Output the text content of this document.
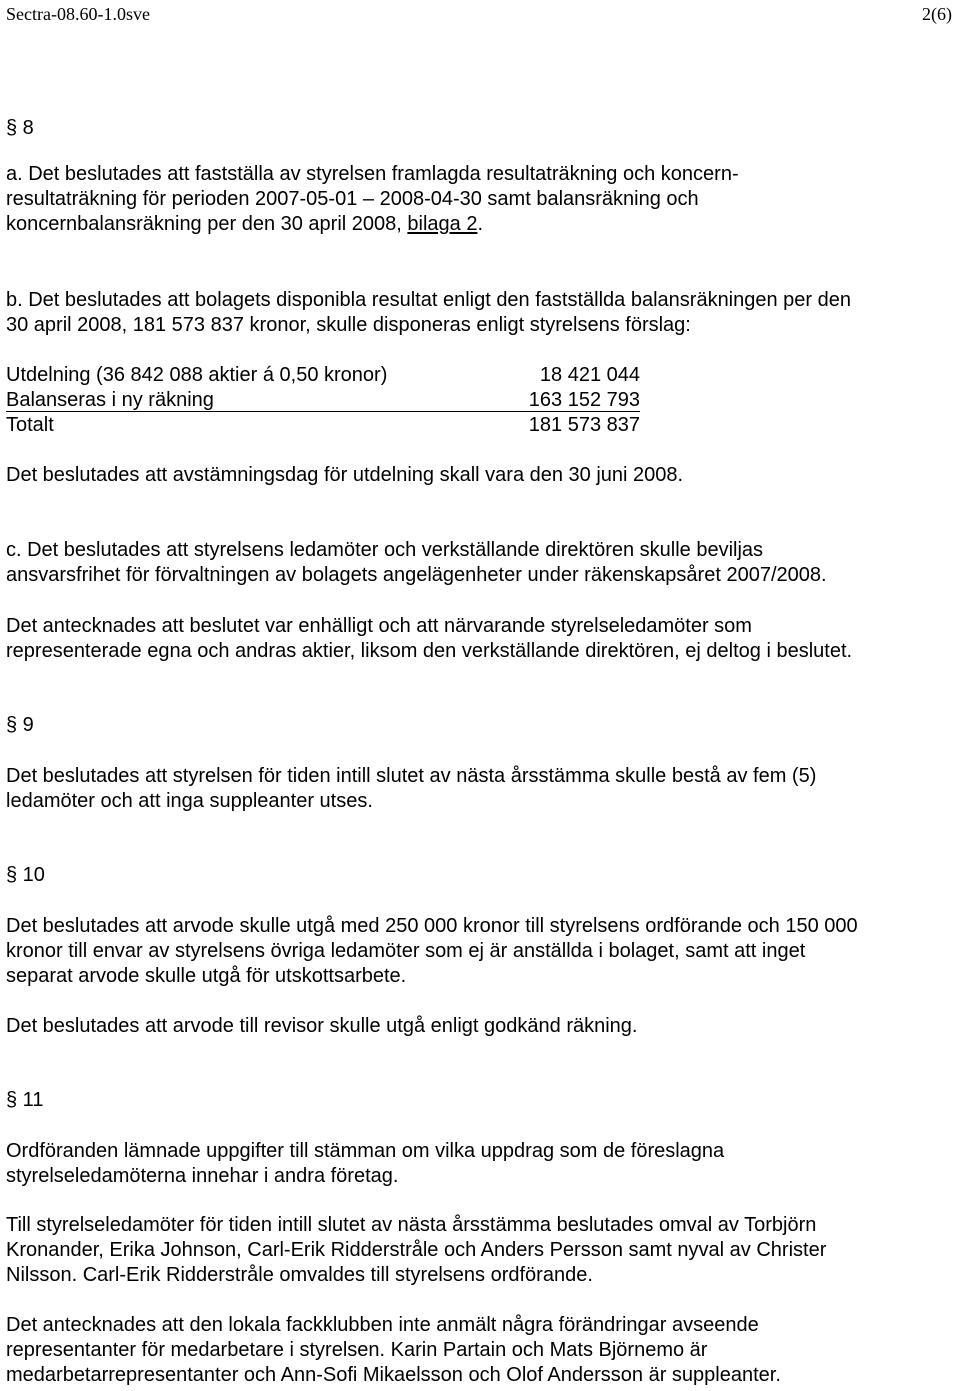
Sectra-08.60-1.0sve	2(6)
§ 8
a. Det beslutades att fastställa av styrelsen framlagda resultaträkning och koncern-
resultaträkning för perioden 2007-05-01 – 2008-04-30 samt balansräkning och
koncernbalansräkning per den 30 april 2008, bilaga 2.
b. Det beslutades att bolagets disponibla resultat enligt den fastställda balansräkningen per den
30 april 2008, 181 573 837 kronor, skulle disponeras enligt styrelsens förslag:
Utdelning (36 842 088 aktier á 0,50 kronor)	18 421 044
Balanseras i ny räkning	163 152 793
Totalt	181 573 837
Det beslutades att avstämningsdag för utdelning skall vara den 30 juni 2008.
c. Det beslutades att styrelsens ledamöter och verkställande direktören skulle beviljas
ansvarsfrihet för förvaltningen av bolagets angelägenheter under räkenskapsåret 2007/2008.
Det antecknades att beslutet var enhälligt och att närvarande styrelseledamöter som
representerade egna och andras aktier, liksom den verkställande direktören, ej deltog i beslutet.
§ 9
Det beslutades att styrelsen för tiden intill slutet av nästa årsstämma skulle bestå av fem (5)
ledamöter och att inga suppleanter utses.
§ 10
Det beslutades att arvode skulle utgå med 250 000 kronor till styrelsens ordförande och 150 000
kronor till envar av styrelsens övriga ledamöter som ej är anställda i bolaget, samt att inget
separat arvode skulle utgå för utskottsarbete.
Det beslutades att arvode till revisor skulle utgå enligt godkänd räkning.
§ 11
Ordföranden lämnade uppgifter till stämman om vilka uppdrag som de föreslagna
styrelseledamöterna innehar i andra företag.
Till styrelseledamöter för tiden intill slutet av nästa årsstämma beslutades omval av Torbjörn
Kronander, Erika Johnson, Carl-Erik Ridderstråle och Anders Persson samt nyval av Christer
Nilsson. Carl-Erik Ridderstråle omvaldes till styrelsens ordförande.
Det antecknades att den lokala fackklubben inte anmält några förändringar avseende
representanter för medarbetare i styrelsen. Karin Partain och Mats Björnemo är
medarbetarrepresentanter och Ann-Sofi Mikaelsson och Olof Andersson är suppleanter.
